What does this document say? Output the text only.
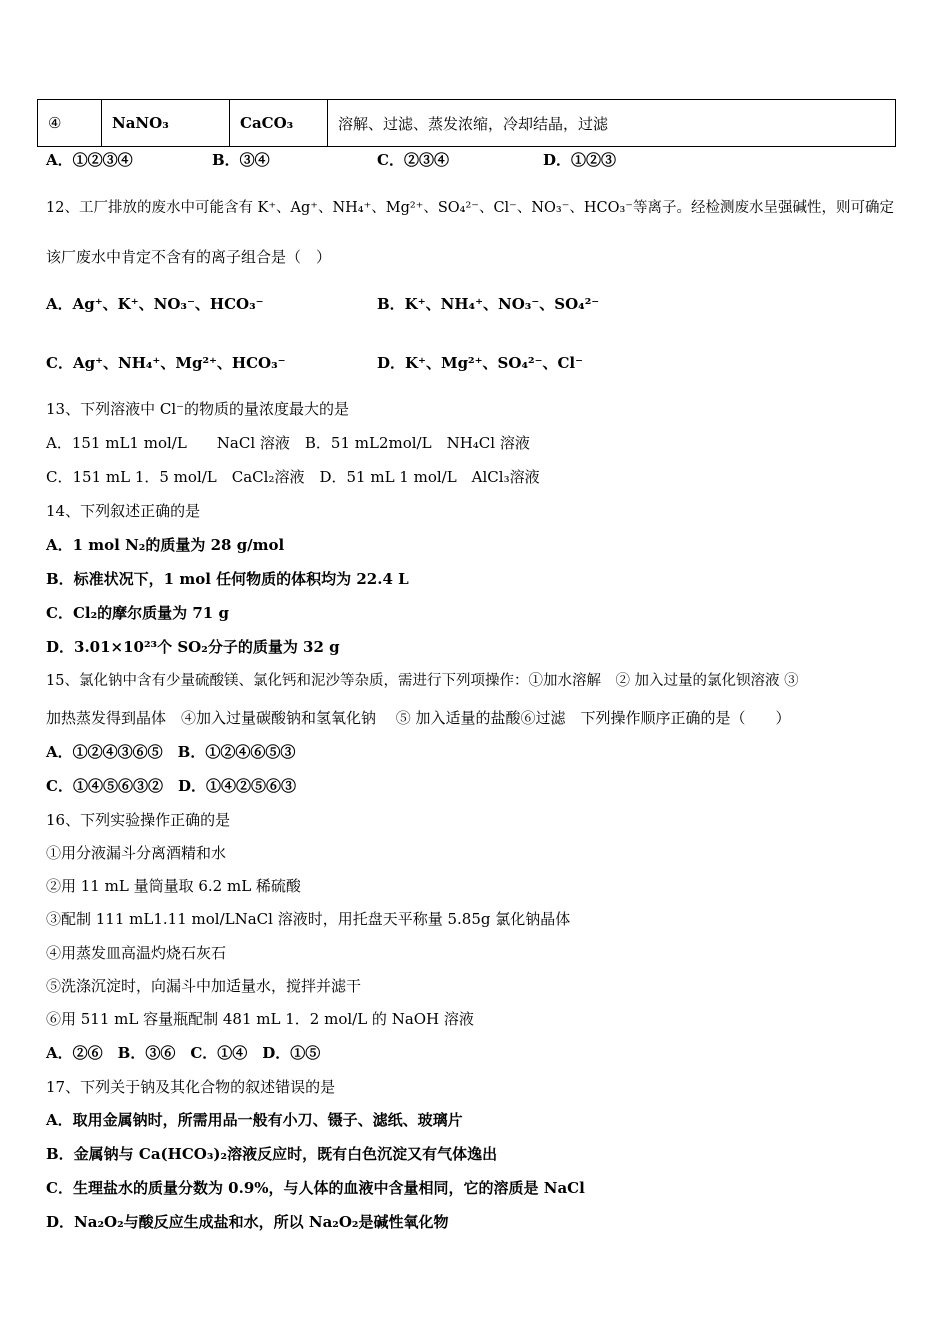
④	NaNO₃	CaCO₃	溶解、过滤、蒸发浓缩，冷却结晶，过滤
A．①②③④	B．③④	C．②③④	D．①②③
12、工厂排放的废水中可能含有 K⁺、Ag⁺、NH₄⁺、Mg²⁺、SO₄²⁻、Cl⁻、NO₃⁻、HCO₃⁻等离子。经检测废水呈强碱性，则可确定
该厂废水中肯定不含有的离子组合是（　）
A．Ag⁺、K⁺、NO₃⁻、HCO₃⁻	B．K⁺、NH₄⁺、NO₃⁻、SO₄²⁻
C．Ag⁺、NH₄⁺、Mg²⁺、HCO₃⁻	D．K⁺、Mg²⁺、SO₄²⁻、Cl⁻
13、下列溶液中 Cl⁻的物质的量浓度最大的是
A．151 mL1 mol/L　　NaCl 溶液　B．51 mL2mol/L　NH₄Cl 溶液
C．151 mL 1．5 mol/L　CaCl₂溶液　D．51 mL 1 mol/L　AlCl₃溶液
14、下列叙述正确的是
A．1 mol N₂的质量为 28 g/mol
B．标准状况下，1 mol 任何物质的体积均为 22.4 L
C．Cl₂的摩尔质量为 71 g
D．3.01×10²³个 SO₂分子的质量为 32 g
15、氯化钠中含有少量硫酸镁、氯化钙和泥沙等杂质，需进行下列项操作：①加水溶解　② 加入过量的氯化钡溶液 ③
加热蒸发得到晶体　④加入过量碳酸钠和氢氧化钠　 ⑤ 加入适量的盐酸⑥过滤　下列操作顺序正确的是（　　）
A．①②④③⑥⑤　B．①②④⑥⑤③
C．①④⑤⑥③②　D．①④②⑤⑥③
16、下列实验操作正确的是
①用分液漏斗分离酒精和水
②用 11 mL 量筒量取 6.2 mL 稀硫酸
③配制 111 mL1.11 mol/LNaCl 溶液时，用托盘天平称量 5.85g 氯化钠晶体
④用蒸发皿高温灼烧石灰石
⑤洗涤沉淀时，向漏斗中加适量水，搅拌并滤干
⑥用 511 mL 容量瓶配制 481 mL 1．2 mol/L 的 NaOH 溶液
A．②⑥　B．③⑥　C．①④　D．①⑤
17、下列关于钠及其化合物的叙述错误的是
A．取用金属钠时，所需用品一般有小刀、镊子、滤纸、玻璃片
B．金属钠与 Ca(HCO₃)₂溶液反应时，既有白色沉淀又有气体逸出
C．生理盐水的质量分数为 0.9%，与人体的血液中含量相同，它的溶质是 NaCl
D．Na₂O₂与酸反应生成盐和水，所以 Na₂O₂是碱性氧化物
